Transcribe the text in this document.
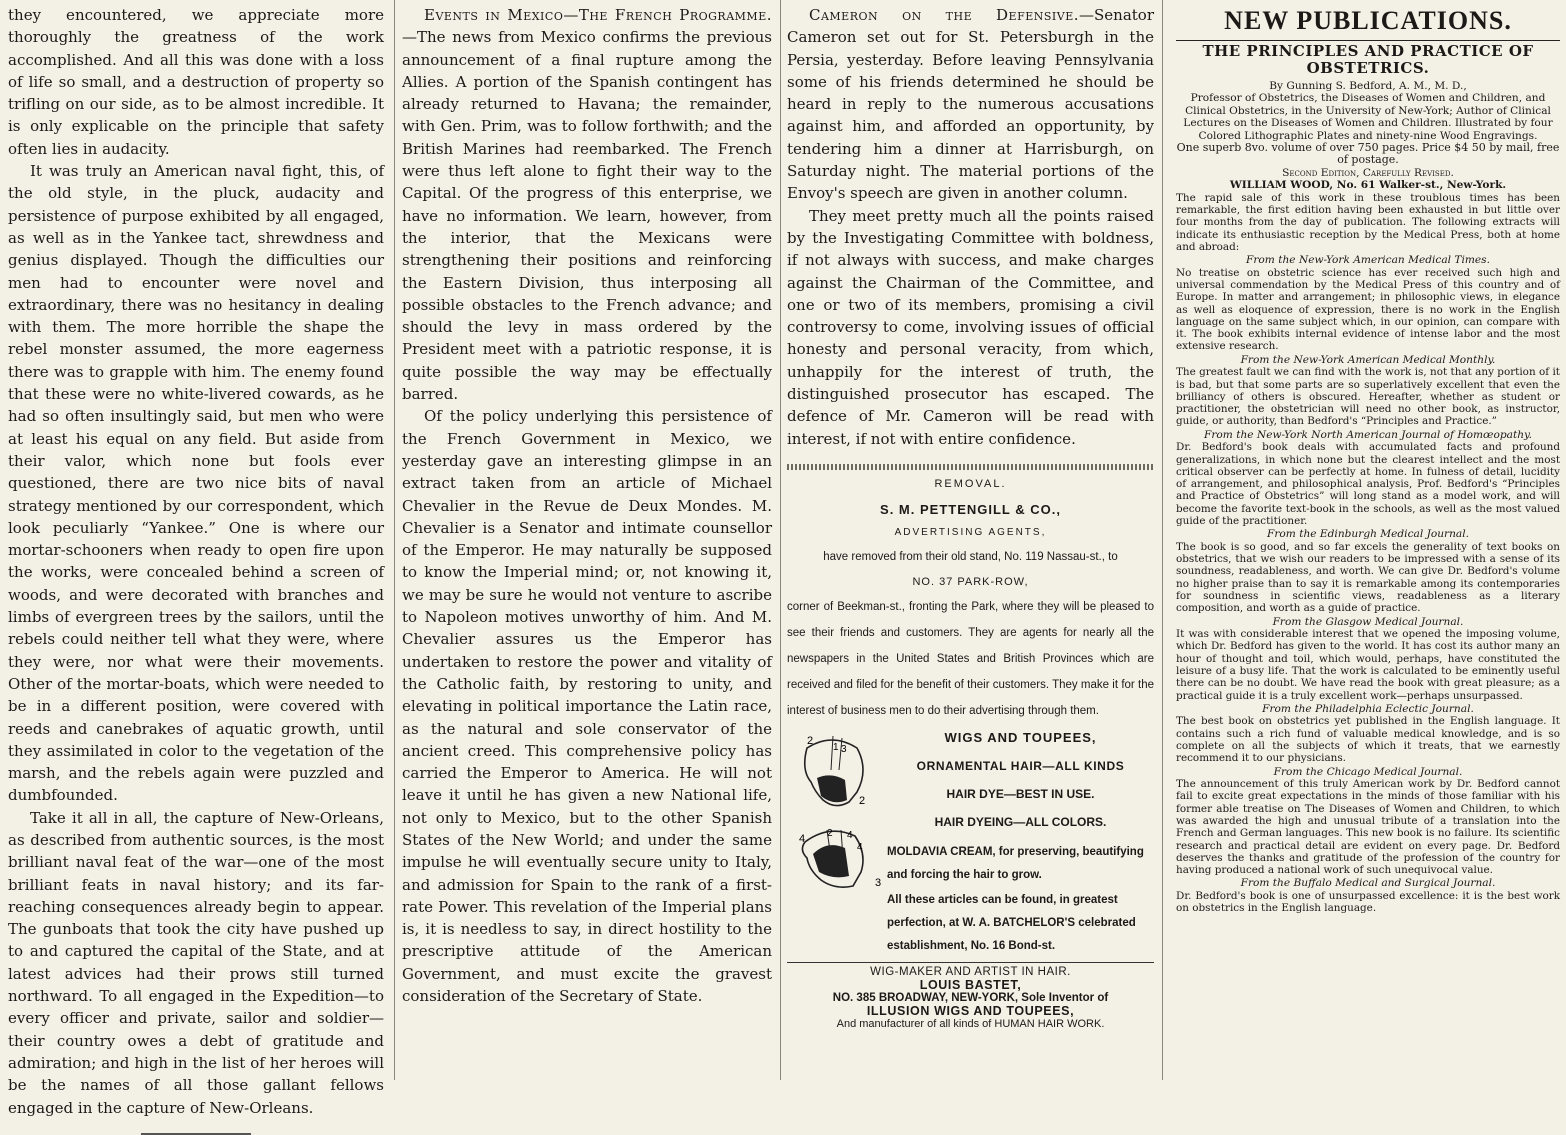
they encountered, we appreciate more thoroughly the greatness of the work accomplished. And all this was done with a loss of life so small, and a destruction of property so trifling on our side, as to be almost incredible. It is only explicable on the principle that safety often lies in audacity.

It was truly an American naval fight, this, of the old style, in the pluck, audacity and persistence of purpose exhibited by all engaged, as well as in the Yankee tact, shrewdness and genius displayed. Though the difficulties our men had to encounter were novel and extraordinary, there was no hesitancy in dealing with them. The more horrible the shape the rebel monster assumed, the more eagerness there was to grapple with him. The enemy found that these were no white-livered cowards, as he had so often insultingly said, but men who were at least his equal on any field. But aside from their valor, which none but fools ever questioned, there are two nice bits of naval strategy mentioned by our correspondent, which look peculiarly “Yankee.” One is where our mortar-schooners when ready to open fire upon the works, were concealed behind a screen of woods, and were decorated with branches and limbs of evergreen trees by the sailors, until the rebels could neither tell what they were, where they were, nor what were their movements. Other of the mortar-boats, which were needed to be in a different position, were covered with reeds and canebrakes of aquatic growth, until they assimilated in color to the vegetation of the marsh, and the rebels again were puzzled and dumbfounded.

Take it all in all, the capture of New-Orleans, as described from authentic sources, is the most brilliant naval feat of the war—one of the most brilliant feats in naval history; and its far-reaching consequences already begin to appear. The gunboats that took the city have pushed up to and captured the capital of the State, and at latest advices had their prows still turned northward. To all engaged in the Expedition—to every officer and private, sailor and soldier—their country owes a debt of gratitude and admiration; and high in the list of her heroes will be the names of all those gallant fellows engaged in the capture of New-Orleans.

Events in Mexico—The French Programme.—The news from Mexico confirms the previous announcement of a final rupture among the Allies. A portion of the Spanish contingent has already returned to Havana; the remainder, with Gen. Prim, was to follow forthwith; and the British Marines had reembarked. The French were thus left alone to fight their way to the Capital. Of the progress of this enterprise, we have no information. We learn, however, from the interior, that the Mexicans were strengthening their positions and reinforcing the Eastern Division, thus interposing all possible obstacles to the French advance; and should the levy in mass ordered by the President meet with a patriotic response, it is quite possible the way may be effectually barred.

Of the policy underlying this persistence of the French Government in Mexico, we yesterday gave an interesting glimpse in an extract taken from an article of Michael Chevalier in the Revue de Deux Mondes. M. Chevalier is a Senator and intimate counsellor of the Emperor. He may naturally be supposed to know the Imperial mind; or, not knowing it, we may be sure he would not venture to ascribe to Napoleon motives unworthy of him. And M. Chevalier assures us the Emperor has undertaken to restore the power and vitality of the Catholic faith, by restoring to unity, and elevating in political importance the Latin race, as the natural and sole conservator of the ancient creed. This comprehensive policy has carried the Emperor to America. He will not leave it until he has given a new National life, not only to Mexico, but to the other Spanish States of the New World; and under the same impulse he will eventually secure unity to Italy, and admission for Spain to the rank of a first-rate Power. This revelation of the Imperial plans is, it is needless to say, in direct hostility to the prescriptive attitude of the American Government, and must excite the gravest consideration of the Secretary of State.

Cameron on the Defensive.—Senator Cameron set out for St. Petersburgh in the Persia, yesterday. Before leaving Pennsylvania some of his friends determined he should be heard in reply to the numerous accusations against him, and afforded an opportunity, by tendering him a dinner at Harrisburgh, on Saturday night. The material portions of the Envoy's speech are given in another column.

They meet pretty much all the points raised by the Investigating Committee with boldness, if not always with success, and make charges against the Chairman of the Committee, and one or two of its members, promising a civil controversy to come, involving issues of official honesty and personal veracity, from which, unhappily for the interest of truth, the distinguished prosecutor has escaped. The defence of Mr. Cameron will be read with interest, if not with entire confidence.

REMOVAL.
S. M. PETTENGILL & CO.,
ADVERTISING AGENTS,
have removed from their old stand, No. 119 Nassau-st., to
NO. 37 PARK-ROW,
corner of Beekman-st., fronting the Park, where they will be pleased to see their friends and customers. They are agents for nearly all the newspapers in the United States and British Provinces which are received and filed for the benefit of their customers. They make it for the interest of business men to do their advertising through them.
2
1 3
2
4 2 4
4
3
WIGS AND TOUPEES,
ORNAMENTAL HAIR—ALL KINDS
HAIR DYE—BEST IN USE.
HAIR DYEING—ALL COLORS.
MOLDAVIA CREAM, for preserving, beautifying and forcing the hair to grow.
All these articles can be found, in greatest perfection, at W. A. BATCHELOR'S celebrated establishment, No. 16 Bond-st.
WIG-MAKER AND ARTIST IN HAIR.
LOUIS BASTET,
NO. 385 BROADWAY, NEW-YORK, Sole Inventor of
ILLUSION WIGS AND TOUPEES,
And manufacturer of all kinds of HUMAN HAIR WORK.
NEW PUBLICATIONS.
THE PRINCIPLES AND PRACTICE OF OBSTETRICS.
By Gunning S. Bedford, A. M., M. D.,
Professor of Obstetrics, the Diseases of Women and Children, and Clinical Obstetrics, in the University of New-York; Author of Clinical Lectures on the Diseases of Women and Children. Illustrated by four Colored Lithographic Plates and ninety-nine Wood Engravings.
One superb 8vo. volume of over 750 pages. Price $4 50 by mail, free of postage.
Second Edition, Carefully Revised.
WILLIAM WOOD, No. 61 Walker-st., New-York.
The rapid sale of this work in these troublous times has been remarkable, the first edition having been exhausted in but little over four months from the day of publication. The following extracts will indicate its enthusiastic reception by the Medical Press, both at home and abroad:
From the New-York American Medical Times.
No treatise on obstetric science has ever received such high and universal commendation by the Medical Press of this country and of Europe. In matter and arrangement; in philosophic views, in elegance as well as eloquence of expression, there is no work in the English language on the same subject which, in our opinion, can compare with it. The book exhibits internal evidence of intense labor and the most extensive research.
From the New-York American Medical Monthly.
The greatest fault we can find with the work is, not that any portion of it is bad, but that some parts are so superlatively excellent that even the brilliancy of others is obscured. Hereafter, whether as student or practitioner, the obstetrician will need no other book, as instructor, guide, or authority, than Bedford's “Principles and Practice.”
From the New-York North American Journal of Homœopathy.
Dr. Bedford's book deals with accumulated facts and profound generalizations, in which none but the clearest intellect and the most critical observer can be perfectly at home. In fulness of detail, lucidity of arrangement, and philosophical analysis, Prof. Bedford's “Principles and Practice of Obstetrics” will long stand as a model work, and will become the favorite text-book in the schools, as well as the most valued guide of the practitioner.
From the Edinburgh Medical Journal.
The book is so good, and so far excels the generality of text books on obstetrics, that we wish our readers to be impressed with a sense of its soundness, readableness, and worth. We can give Dr. Bedford's volume no higher praise than to say it is remarkable among its contemporaries for soundness in scientific views, readableness as a literary composition, and worth as a guide of practice.
From the Glasgow Medical Journal.
It was with considerable interest that we opened the imposing volume, which Dr. Bedford has given to the world. It has cost its author many an hour of thought and toil, which would, perhaps, have constituted the leisure of a busy life. That the work is calculated to be eminently useful there can be no doubt. We have read the book with great pleasure; as a practical guide it is a truly excellent work—perhaps unsurpassed.
From the Philadelphia Eclectic Journal.
The best book on obstetrics yet published in the English language. It contains such a rich fund of valuable medical knowledge, and is so complete on all the subjects of which it treats, that we earnestly recommend it to our physicians.
From the Chicago Medical Journal.
The announcement of this truly American work by Dr. Bedford cannot fail to excite great expectations in the minds of those familiar with his former able treatise on The Diseases of Women and Children, to which was awarded the high and unusual tribute of a translation into the French and German languages. This new book is no failure. Its scientific research and practical detail are evident on every page. Dr. Bedford deserves the thanks and gratitude of the profession of the country for having produced a national work of such unequivocal value.
From the Buffalo Medical and Surgical Journal.
Dr. Bedford's book is one of unsurpassed excellence: it is the best work on obstetrics in the English language.
